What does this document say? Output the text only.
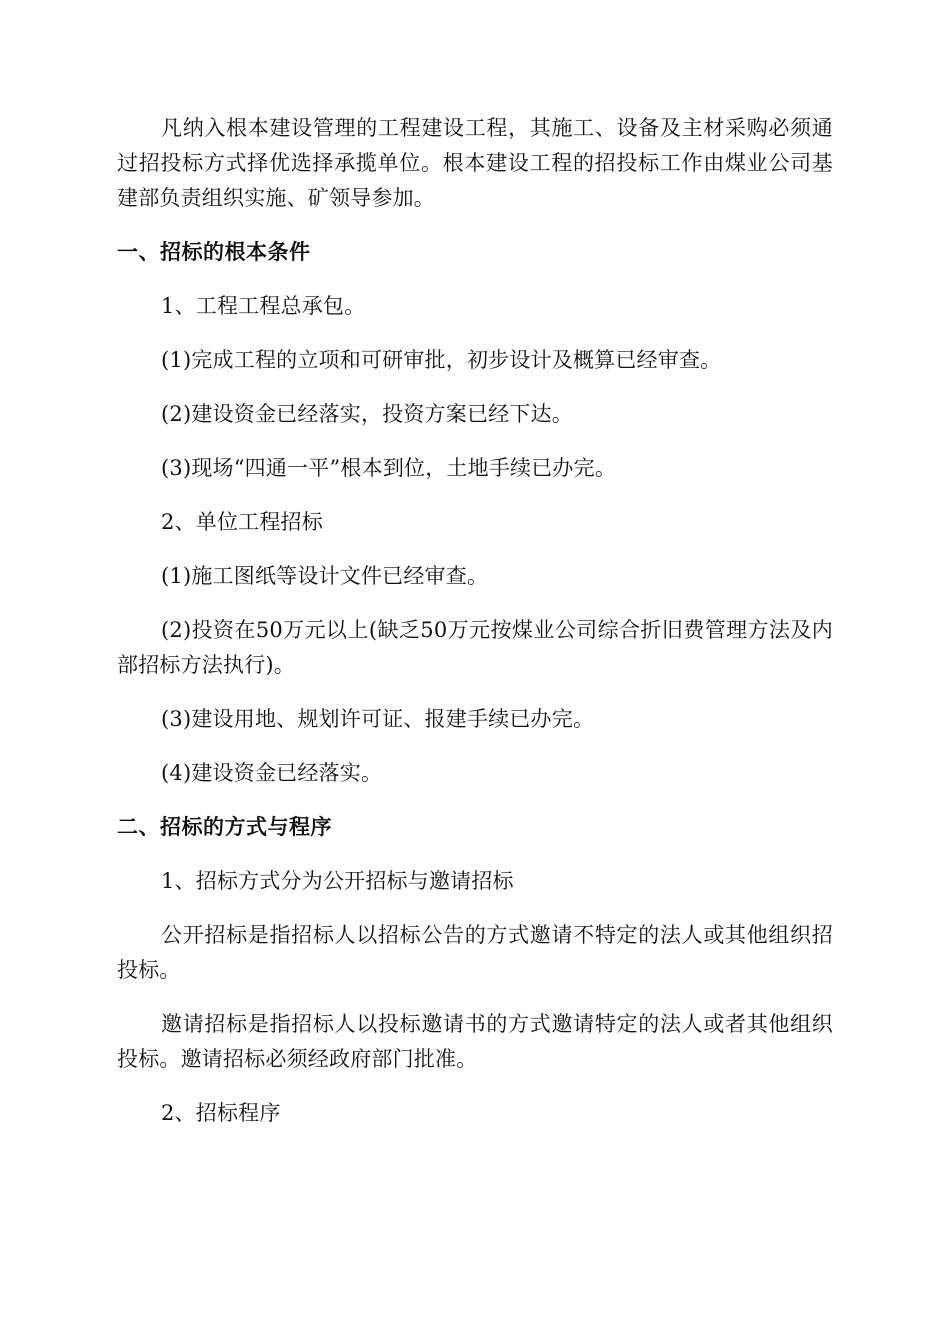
凡纳入根本建设管理的工程建设工程，其施工、设备及主材采购必须通过招投标方式择优选择承揽单位。根本建设工程的招投标工作由煤业公司基建部负责组织实施、矿领导参加。

一、招标的根本条件

1、工程工程总承包。

(1)完成工程的立项和可研审批，初步设计及概算已经审查。

(2)建设资金已经落实，投资方案已经下达。

(3)现场“四通一平”根本到位，土地手续已办完。

2、单位工程招标

(1)施工图纸等设计文件已经审查。

(2)投资在50万元以上(缺乏50万元按煤业公司综合折旧费管理方法及内部招标方法执行)。

(3)建设用地、规划许可证、报建手续已办完。

(4)建设资金已经落实。

二、招标的方式与程序

1、招标方式分为公开招标与邀请招标

公开招标是指招标人以招标公告的方式邀请不特定的法人或其他组织招投标。

邀请招标是指招标人以投标邀请书的方式邀请特定的法人或者其他组织投标。邀请招标必须经政府部门批准。

2、招标程序
